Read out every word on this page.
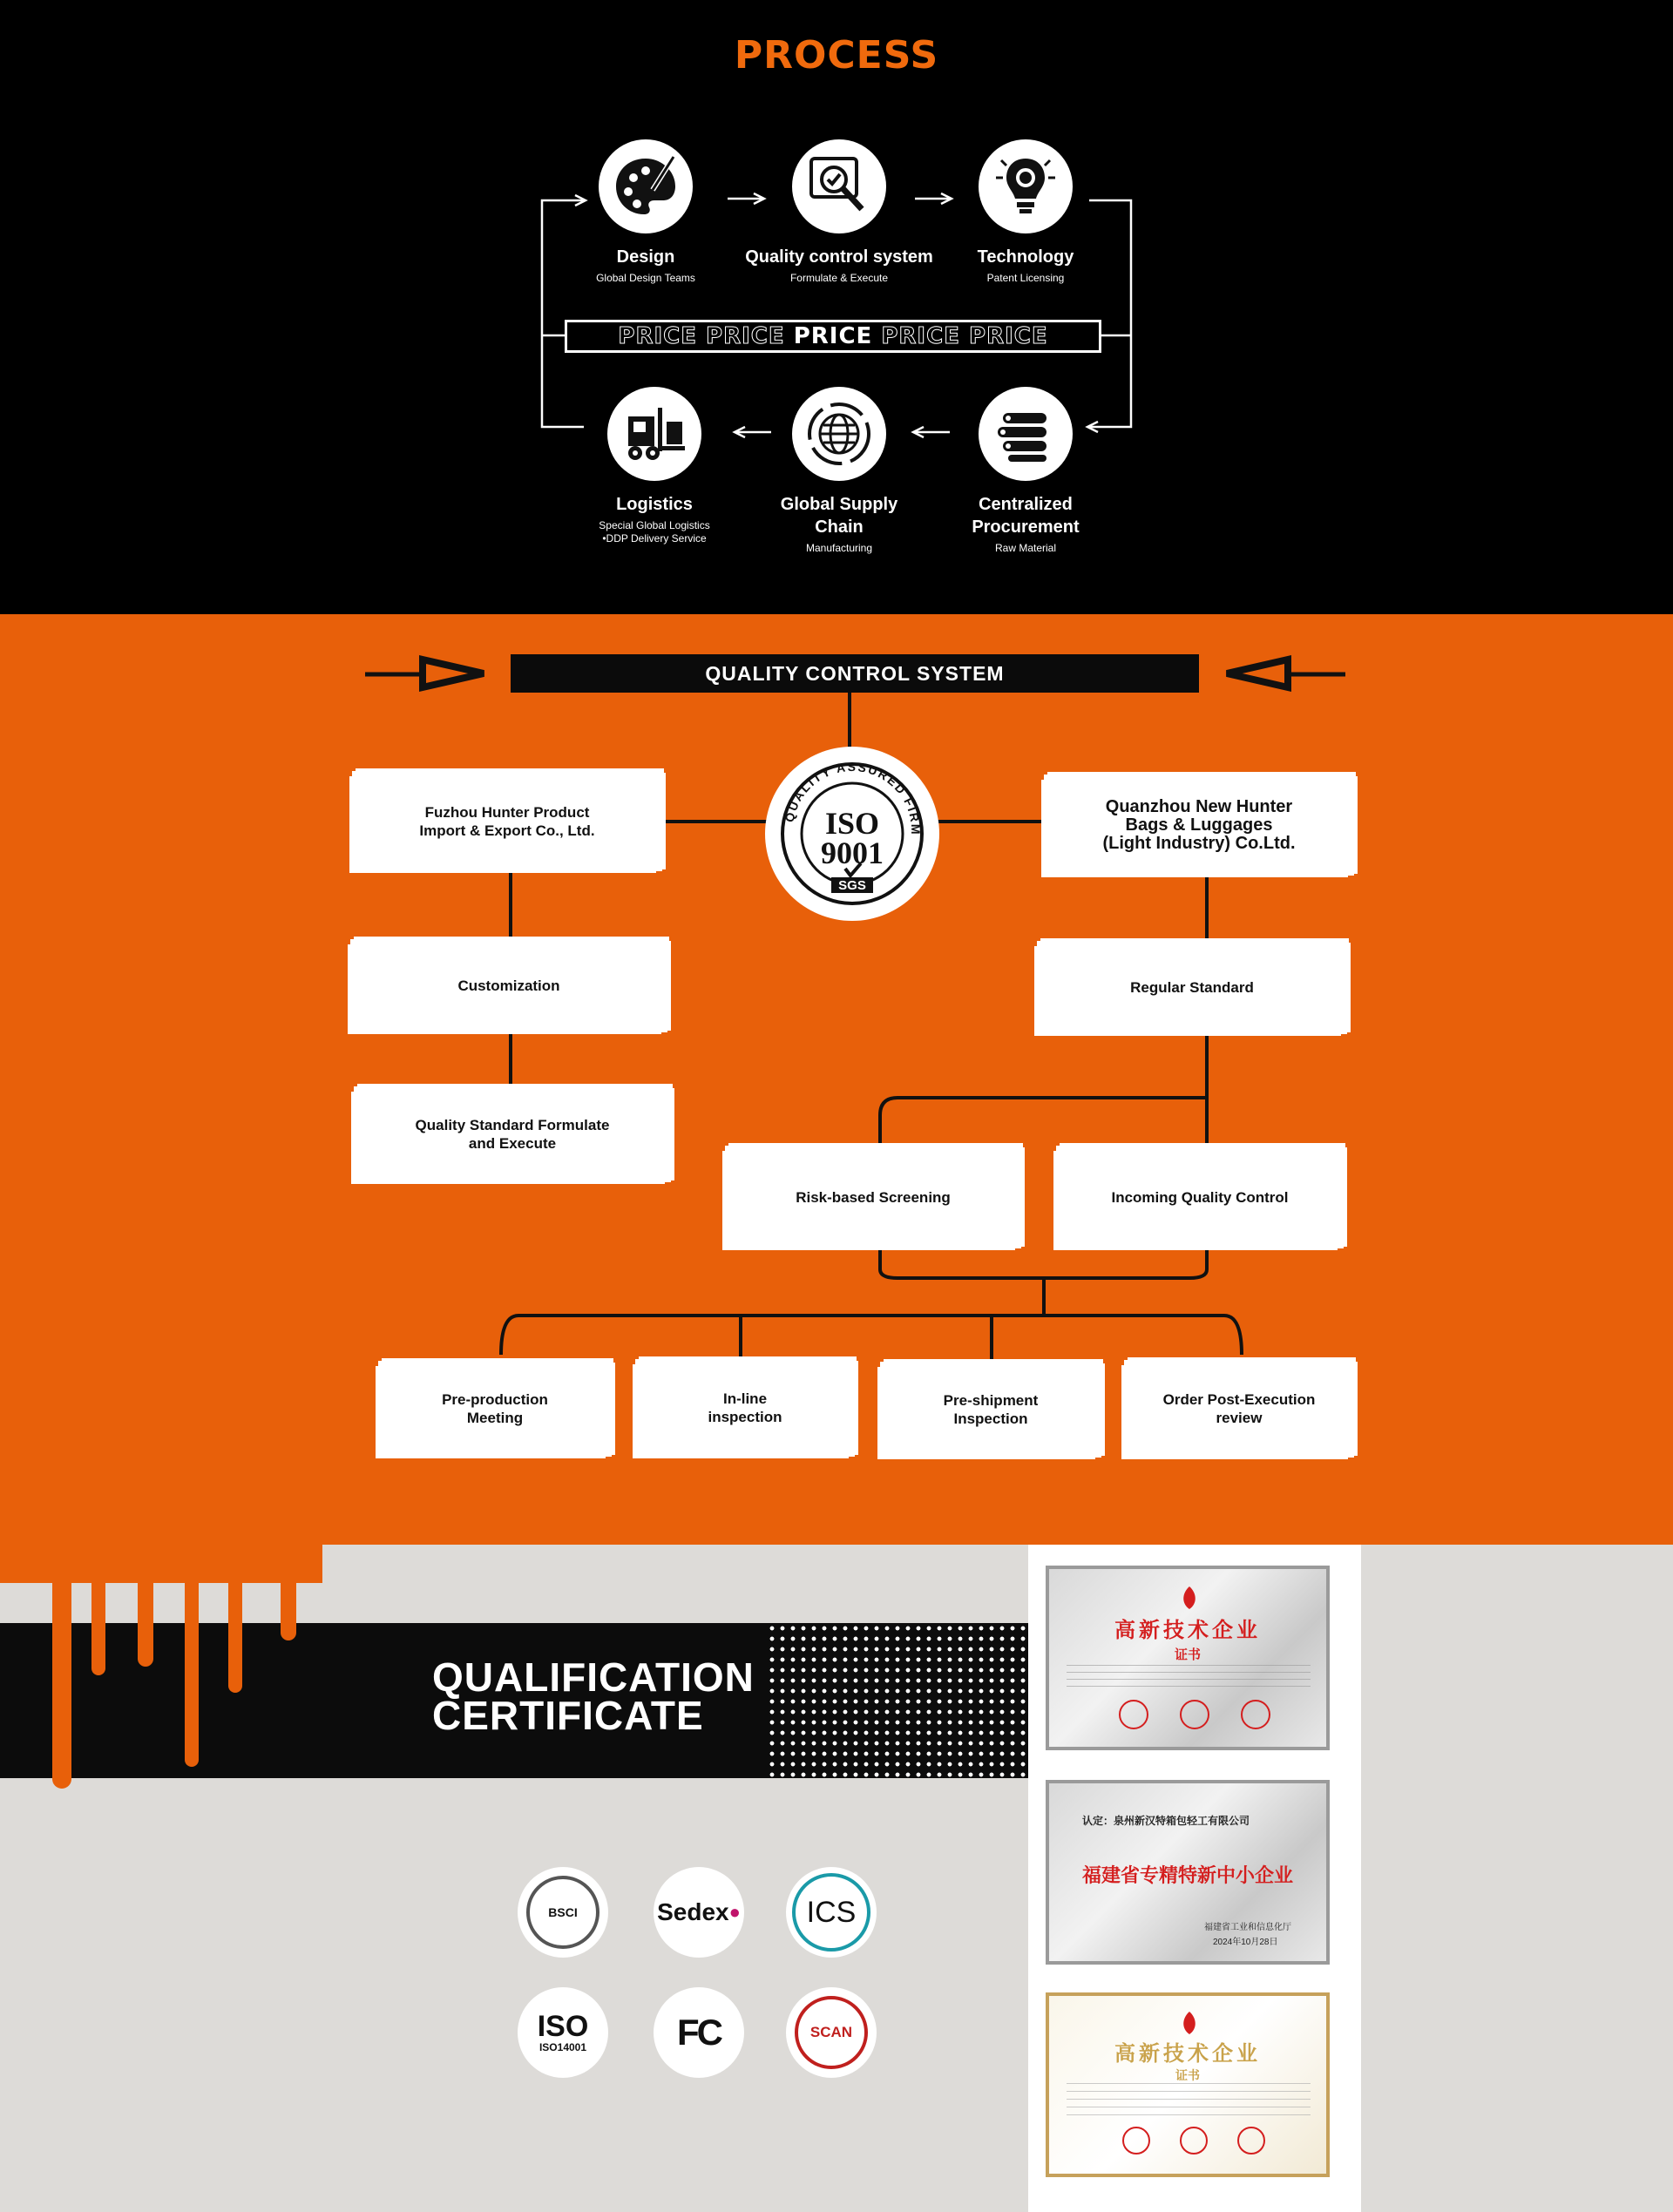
PROCESS
Design
Global Design Teams
Quality control system
Formulate & Execute
Technology
Patent Licensing
PRICE PRICE PRICE PRICE PRICE
Logistics
Special Global Logistics
•DDP Delivery Service
Global Supply
Chain
Manufacturing
Centralized
Procurement
Raw Material
QUALITY CONTROL SYSTEM
QUALITY ASSURED FIRM
ISO
9001
SGS
Fuzhou Hunter Product
Import & Export Co., Ltd.
Quanzhou New Hunter
Bags & Luggages
(Light Industry) Co.Ltd.
Customization	Regular Standard
Quality Standard Formulate
and Execute
Risk-based Screening	Incoming Quality Control
Pre-production
Meeting
In-line
inspection
Pre-shipment
Inspection
Order Post-Execution
review
QUALIFICATION
CERTIFICATE
BSCI	Sedex ● ICS
ISO
ISO14001 FC	SCAN
高新技术企业
证书
认定：泉州新汉特箱包轻工有限公司
福建省专精特新中小企业
福建省工业和信息化厅
2024年10月28日
高新技术企业
证书
